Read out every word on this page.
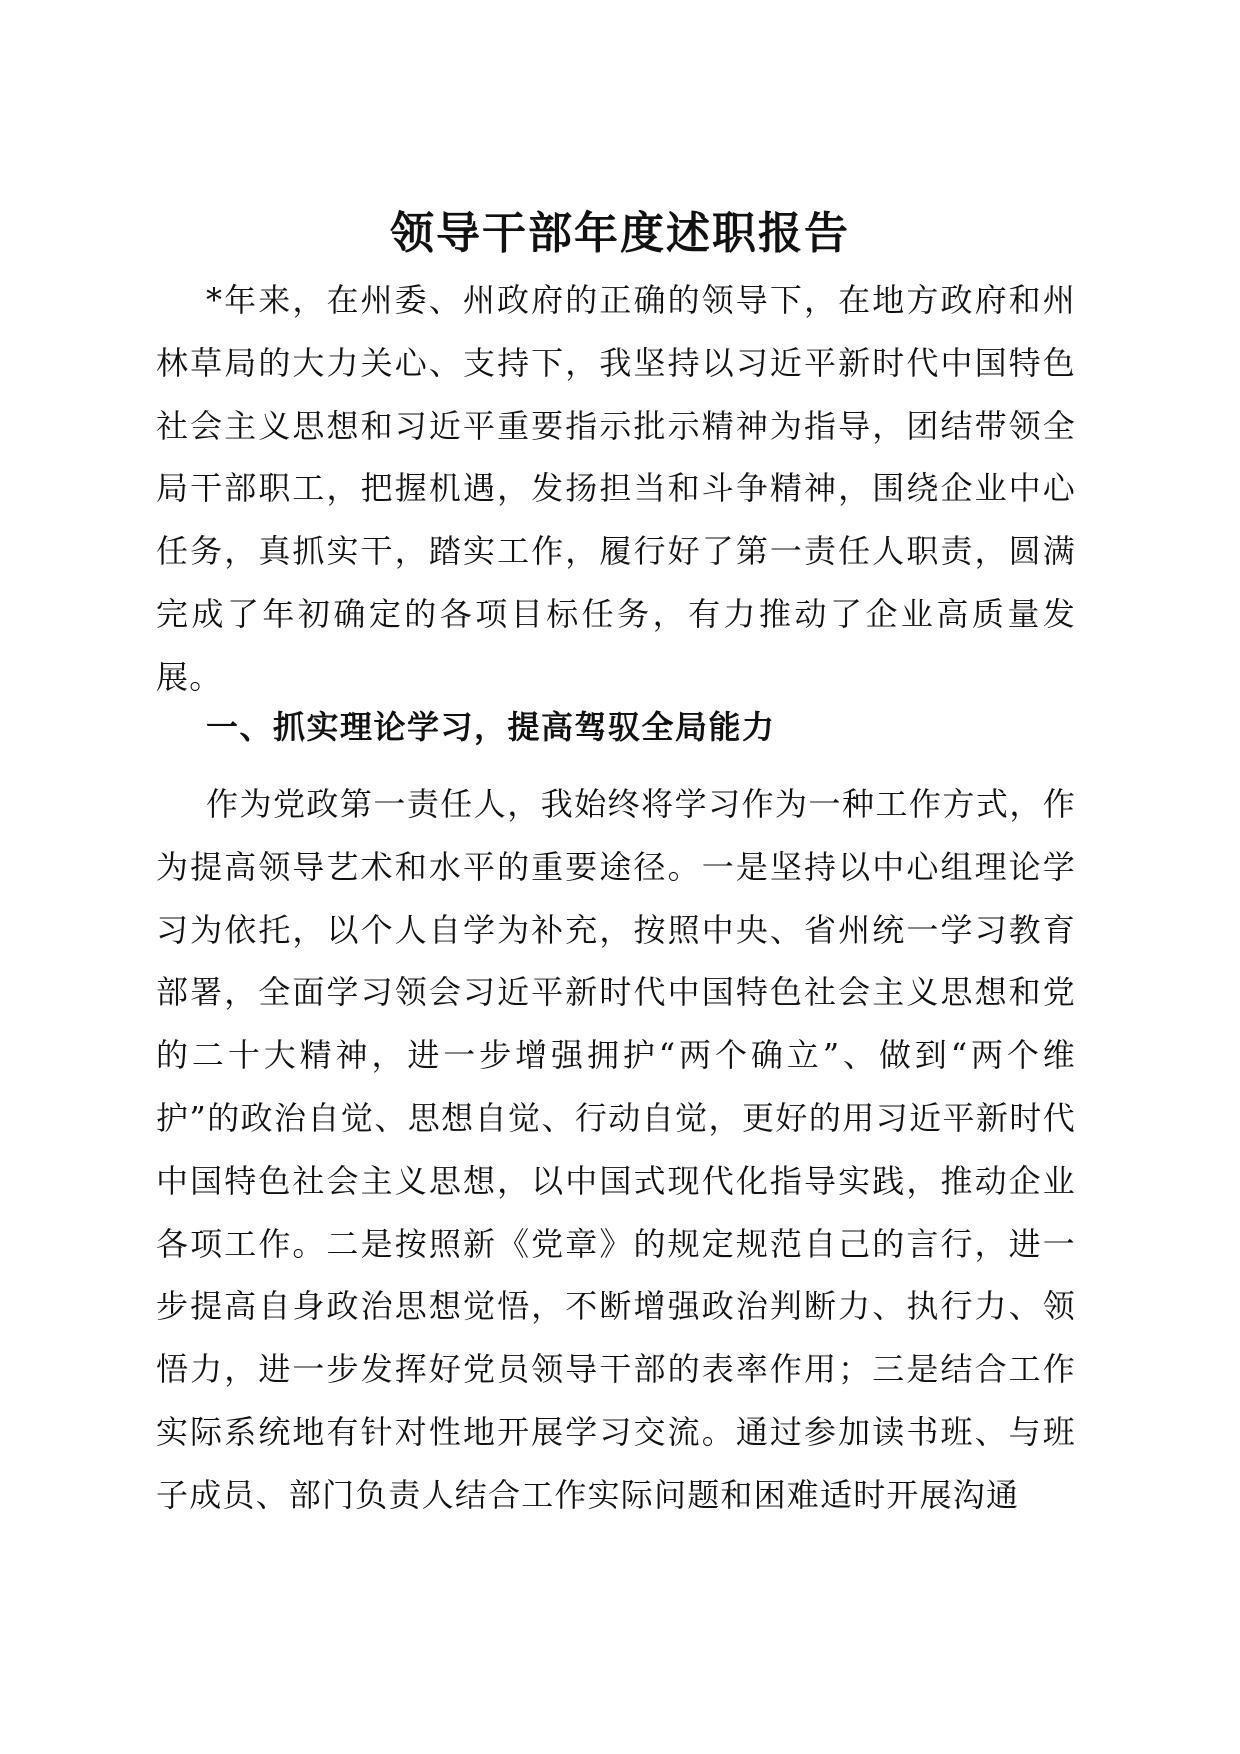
领导干部年度述职报告

*年来，在州委、州政府的正确的领导下，在地方政府和州林草局的大力关心、支持下，我坚持以习近平新时代中国特色社会主义思想和习近平重要指示批示精神为指导，团结带领全局干部职工，把握机遇，发扬担当和斗争精神，围绕企业中心任务，真抓实干，踏实工作，履行好了第一责任人职责，圆满完成了年初确定的各项目标任务，有力推动了企业高质量发展。

一、抓实理论学习，提高驾驭全局能力

作为党政第一责任人，我始终将学习作为一种工作方式，作为提高领导艺术和水平的重要途径。一是坚持以中心组理论学习为依托，以个人自学为补充，按照中央、省州统一学习教育部署，全面学习领会习近平新时代中国特色社会主义思想和党的二十大精神，进一步增强拥护“两个确立”、做到“两个维护”的政治自觉、思想自觉、行动自觉，更好的用习近平新时代中国特色社会主义思想，以中国式现代化指导实践，推动企业各项工作。二是按照新《党章》的规定规范自己的言行，进一步提高自身政治思想觉悟，不断增强政治判断力、执行力、领悟力，进一步发挥好党员领导干部的表率作用；三是结合工作实际系统地有针对性地开展学习交流。通过参加读书班、与班子成员、部门负责人结合工作实际问题和困难适时开展沟通
